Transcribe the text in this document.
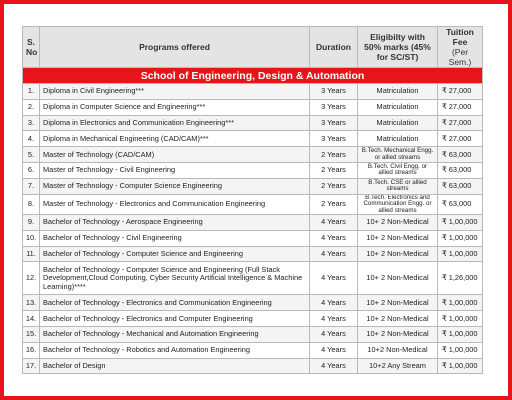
S. No	Programs offered	Duration	Eligibilty with 50% marks (45% for SC/ST)	Tuition Fee
(Per Sem.)

School of Engineering, Design & Automation				
1.	Diploma in Civil Engineering***	3 Years	Matriculation	₹ 27,000
2.	Diploma in Computer Science and Engineering***	3 Years	Matriculation	₹ 27,000
3.	Diploma in Electronics and Communication Engineering***	3 Years	Matriculation	₹ 27,000
4.	Diploma in Mechanical Engineering (CAD/CAM)***	3 Years	Matriculation	₹ 27,000
5.	Master of Technology (CAD/CAM)	2 Years	B.Tech. Mechanical Engg. or allied streams	₹ 63,000
6.	Master of Technology - Civil Engineering	2 Years	B.Tech. Civil Engg. or allied streams	₹ 63,000
7.	Master of Technology - Computer Science Engineering	2 Years	B.Tech. CSE or allied streams	₹ 63,000
8.	Master of Technology - Electronics and Communication Engineering	2 Years	B.Tech. Electronics and Communication Engg. or allied streams	₹ 63,000
9.	Bachelor of Technology - Aerospace Engineering	4 Years	10+ 2 Non-Medical	₹ 1,00,000
10.	Bachelor of Technology - Civil Engineering	4 Years	10+ 2 Non-Medical	₹ 1,00,000
11.	Bachelor of Technology - Computer Science and Engineering	4 Years	10+ 2 Non-Medical	₹ 1,00,000
12.	Bachelor of Technology - Computer Science and Engineering (Full Stack Development,Cloud Computing, Cyber Security Artificial Intelligence & Machine Learning)****	4 Years	10+ 2 Non-Medical	₹ 1,26,000
13.	Bachelor of Technology - Electronics and Communication Engineering	4 Years	10+ 2 Non-Medical	₹ 1,00,000
14.	Bachelor of Technology - Electronics and Computer Engineering	4 Years	10+ 2 Non-Medical	₹ 1,00,000
15.	Bachelor of Technology - Mechanical and Automation Engineering	4 Years	10+ 2 Non-Medical	₹ 1,00,000
16.	Bachelor of Technology - Robotics and Automation Engineering	4 Years	10+2 Non-Medical	₹ 1,00,000
17.	Bachelor of Design	4 Years	10+2 Any Stream	₹ 1,00,000
